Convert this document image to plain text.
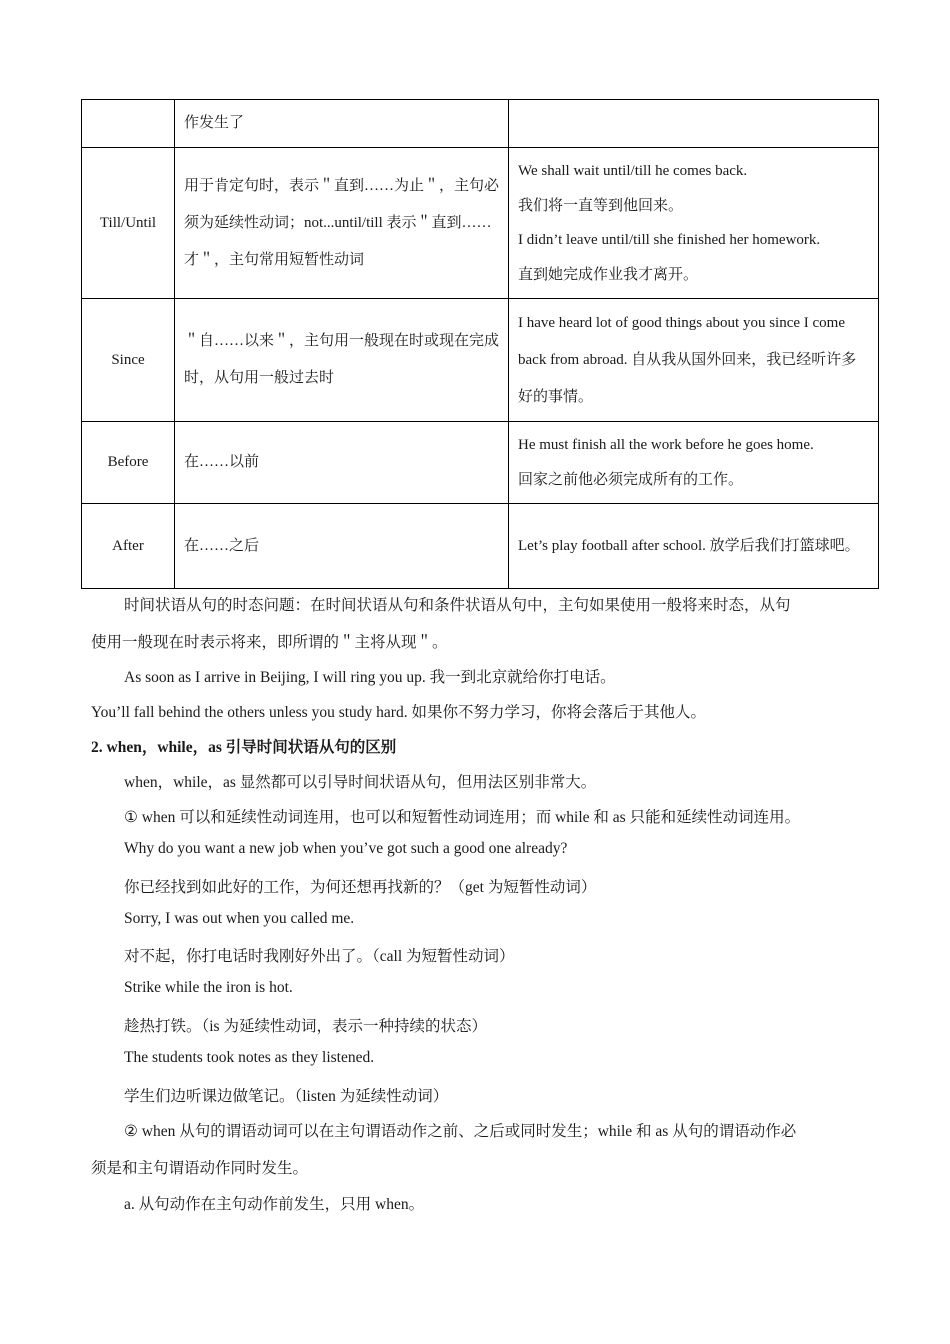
	作发生了	
Till/Until	用于肯定句时，表示＂直到……为止＂，主句必须为延续性动词；not...until/till 表示＂直到……才＂，主句常用短暂性动词	We shall wait until/till he comes back.
我们将一直等到他回来。
I didn’t leave until/till she finished her homework.
直到她完成作业我才离开。
Since	＂自……以来＂，主句用一般现在时或现在完成时，从句用一般过去时	I have heard lot of good things about you since I come back from abroad. 自从我从国外回来，我已经听许多好的事情。
Before	在……以前	He must finish all the work before he goes home.
回家之前他必须完成所有的工作。
After	在……之后	Let’s play football after school. 放学后我们打篮球吧。
时间状语从句的时态问题：在时间状语从句和条件状语从句中，主句如果使用一般将来时态，从句
使用一般现在时表示将来，即所谓的＂主将从现＂。
As soon as I arrive in Beijing, I will ring you up. 我一到北京就给你打电话。
You’ll fall behind the others unless you study hard. 如果你不努力学习，你将会落后于其他人。
2. when，while，as 引导时间状语从句的区别
when，while，as 显然都可以引导时间状语从句，但用法区别非常大。
① when 可以和延续性动词连用，也可以和短暂性动词连用；而 while 和 as 只能和延续性动词连用。
Why do you want a new job when you’ve got such a good one already?
你已经找到如此好的工作，为何还想再找新的？（get 为短暂性动词）
Sorry, I was out when you called me.
对不起，你打电话时我刚好外出了。（call 为短暂性动词）
Strike while the iron is hot.
趁热打铁。（is 为延续性动词，表示一种持续的状态）
The students took notes as they listened.
学生们边听课边做笔记。（listen 为延续性动词）
② when 从句的谓语动词可以在主句谓语动作之前、之后或同时发生；while 和 as 从句的谓语动作必
须是和主句谓语动作同时发生。
a. 从句动作在主句动作前发生，只用 when。
